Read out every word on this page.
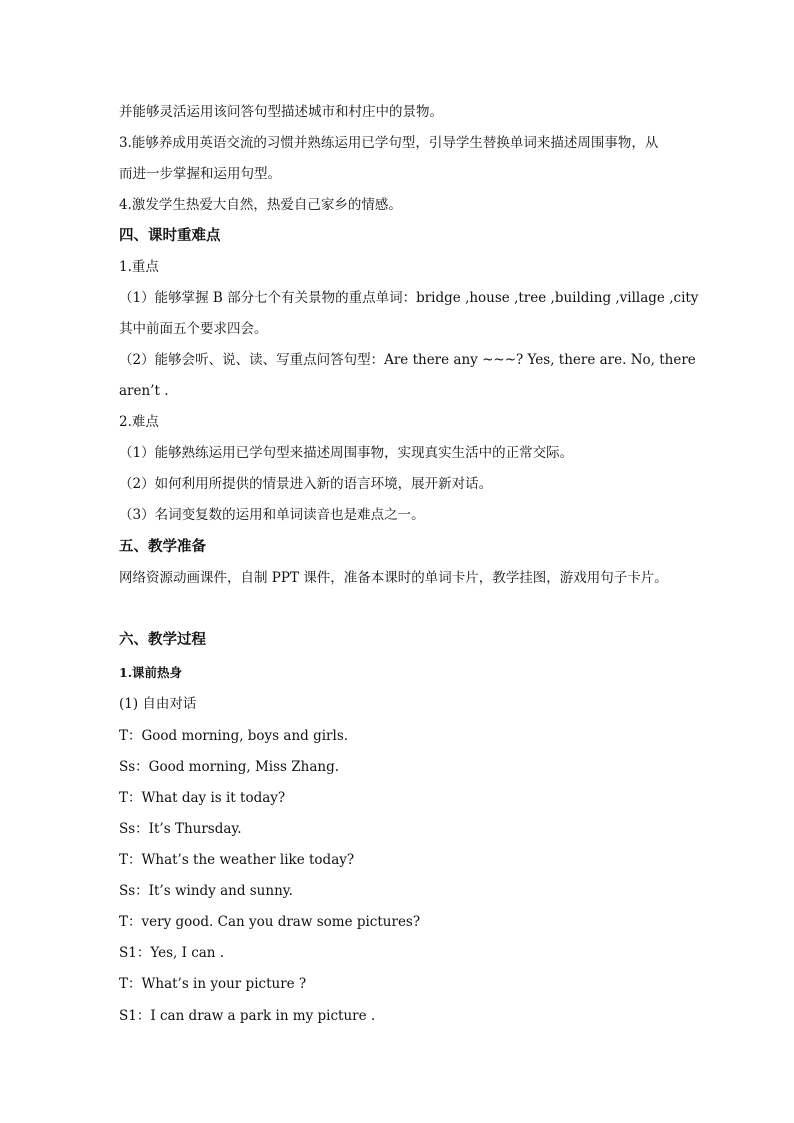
并能够灵活运用该问答句型描述城市和村庄中的景物。
3.能够养成用英语交流的习惯并熟练运用已学句型，引导学生替换单词来描述周围事物，从
而进一步掌握和运用句型。
4.激发学生热爱大自然，热爱自己家乡的情感。
四、课时重难点
1.重点
（1）能够掌握 B 部分七个有关景物的重点单词：bridge ,house ,tree ,building ,village ,city
其中前面五个要求四会。
（2）能够会听、说、读、写重点问答句型：Are there any ~~~? Yes, there are. No, there
aren’t .
2.难点
（1）能够熟练运用已学句型来描述周围事物，实现真实生活中的正常交际。
（2）如何利用所提供的情景进入新的语言环境，展开新对话。
（3）名词变复数的运用和单词读音也是难点之一。
五、教学准备
网络资源动画课件，自制 PPT 课件，准备本课时的单词卡片，教学挂图，游戏用句子卡片。
六、教学过程
1.课前热身
(1) 自由对话
T：Good morning, boys and girls.
Ss：Good morning, Miss Zhang.
T：What day is it today?
Ss：It’s Thursday.
T：What’s the weather like today?
Ss：It’s windy and sunny.
T：very good. Can you draw some pictures?
S1：Yes, I can .
T：What’s in your picture ?
S1：I can draw a park in my picture .
